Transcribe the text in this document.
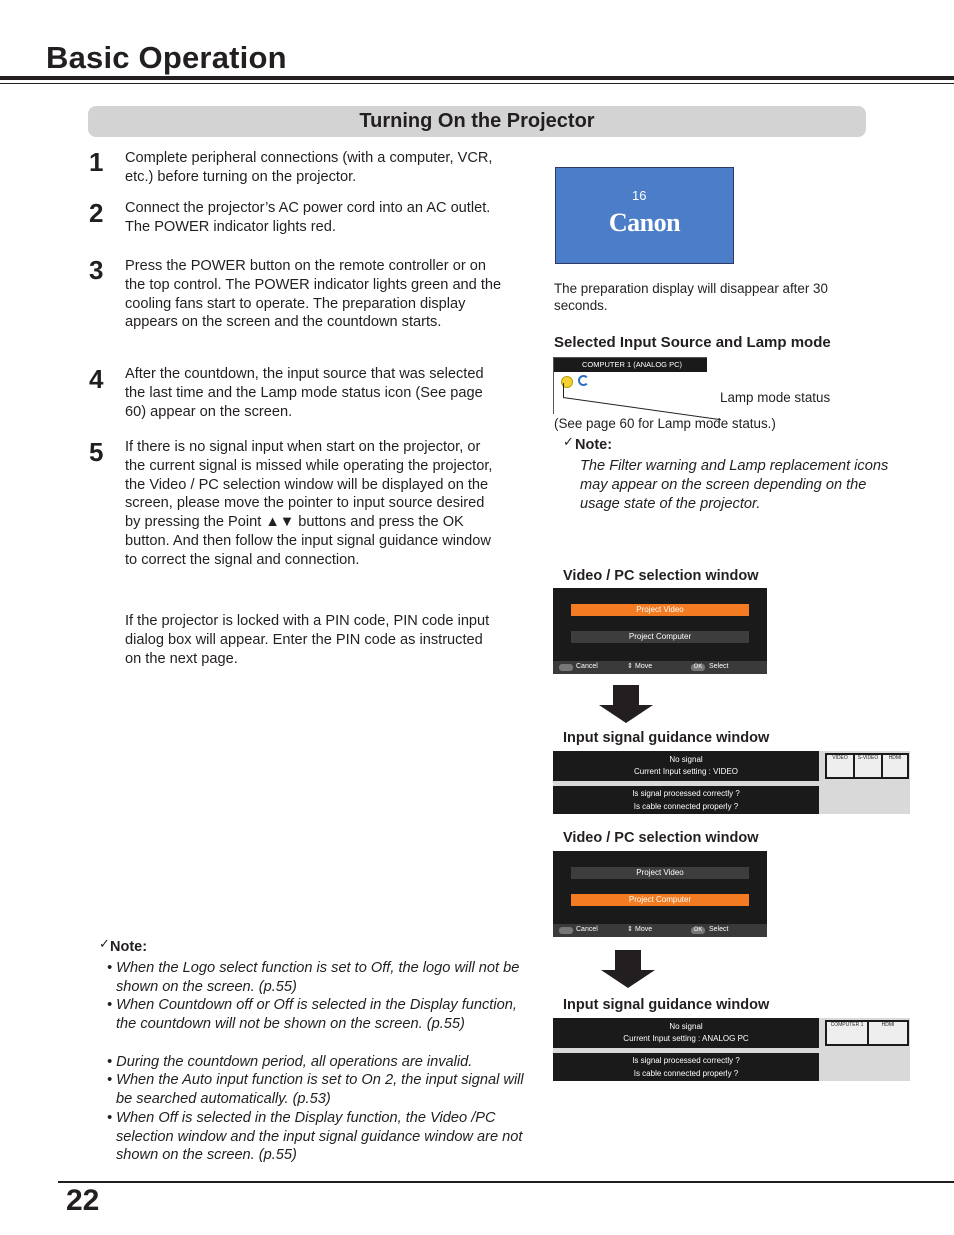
Basic Operation
Turning On the Projector
1 Complete peripheral connections (with a computer, VCR, etc.) before turning on the projector.
2 Connect the projector’s AC power cord into an AC outlet. The POWER indicator lights red.
3 Press the POWER button on the remote controller or on the top control. The POWER indicator lights green and the cooling fans start to operate. The preparation display appears on the screen and the countdown starts.
4 After the countdown, the input source that was selected the last time and the Lamp mode status icon (See page 60) appear on the screen.
5 If there is no signal input when start on the projector, or the current signal is missed while operating the projector, the Video / PC selection window will be displayed on the screen, please move the pointer to input source desired by pressing the Point ▲▼ buttons and press the OK button. And then follow the input signal guidance window to correct the signal and connection.
If the projector is locked with a PIN code, PIN code input dialog box will appear. Enter the PIN code as instructed on the next page.
16
Canon
The preparation display will disappear after 30 seconds.
Selected Input Source and Lamp mode
COMPUTER 1 (ANALOG PC)
Lamp mode status
(See page 60 for Lamp mode status.)
✓ Note:
The Filter warning and Lamp replacement icons may appear on the screen depending on the usage state of the projector.
Video / PC selection window
Project Video
Project Computer
Cancel	⇕ Move	OK Select
Input signal guidance window
No signal
Current Input setting : VIDEO
Is signal processed correctly ?
Is cable connected properly ?
VIDEO	S-VIDEO	HDMI
Video / PC selection window
Project Video
Project Computer
Cancel	⇕ Move	OK Select
Input signal guidance window
No signal
Current Input setting : ANALOG PC
Is signal processed correctly ?
Is cable connected properly ?
COMPUTER 1	HDMI
✓ Note:
• When the Logo select function is set to Off, the logo will not be shown on the screen. (p.55)
• When Countdown off or Off is selected in the Display function, the countdown will not be shown on the screen. (p.55)
• During the countdown period, all operations are invalid.
• When the Auto input function is set to On 2, the input signal will be searched automatically. (p.53)
• When Off is selected in the Display function, the Video /PC selection window and the input signal guidance window are not shown on the screen. (p.55)
22
